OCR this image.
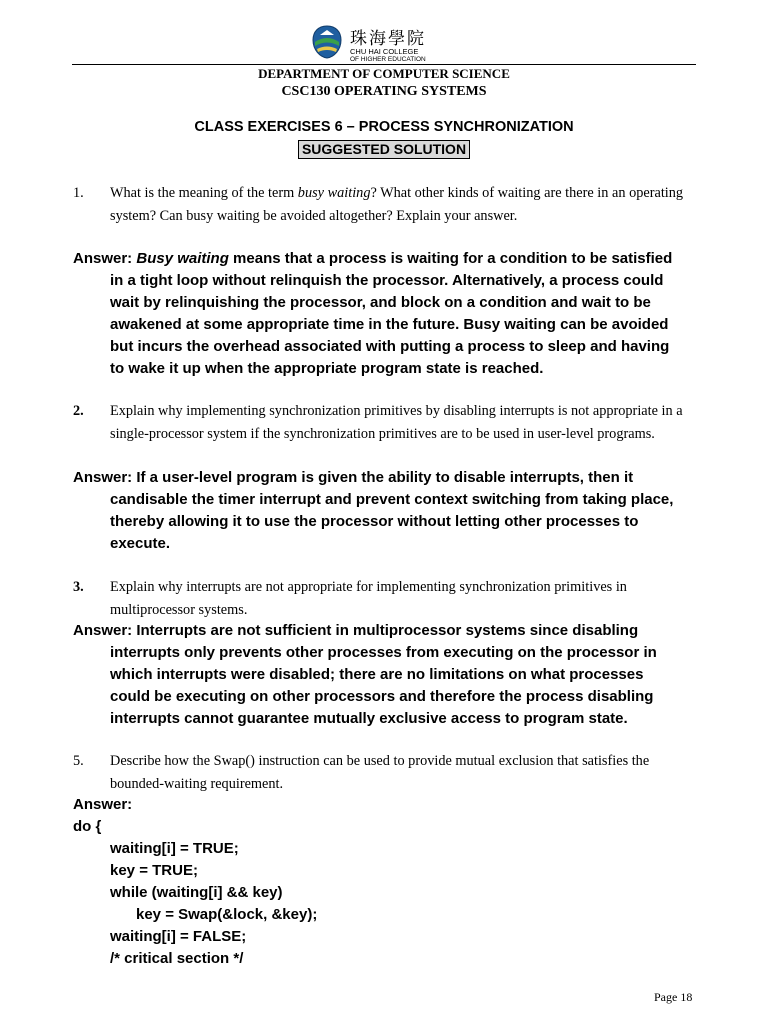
珠海學院
CHU HAI COLLEGE
OF HIGHER EDUCATION
DEPARTMENT OF COMPUTER SCIENCE
CSC130 OPERATING SYSTEMS
CLASS EXERCISES 6 – PROCESS SYNCHRONIZATION
SUGGESTED SOLUTION
1. What is the meaning of the term busy waiting? What other kinds of waiting are there in an operating system? Can busy waiting be avoided altogether? Explain your answer.
Answer: Busy waiting means that a process is waiting for a condition to be satisfied
in a tight loop without relinquish the processor. Alternatively, a process could
wait by relinquishing the processor, and block on a condition and wait to be
awakened at some appropriate time in the future. Busy waiting can be avoided
but incurs the overhead associated with putting a process to sleep and having
to wake it up when the appropriate program state is reached.
2. Explain why implementing synchronization primitives by disabling interrupts is not appropriate in a single-processor system if the synchronization primitives are to be used in user-level programs.
Answer: If a user-level program is given the ability to disable interrupts, then it
candisable the timer interrupt and prevent context switching from taking place,
thereby allowing it to use the processor without letting other processes to
execute.
3. Explain why interrupts are not appropriate for implementing synchronization primitives in multiprocessor systems.
Answer: Interrupts are not sufficient in multiprocessor systems since disabling
interrupts only prevents other processes from executing on the processor in
which interrupts were disabled; there are no limitations on what processes
could be executing on other processors and therefore the process disabling
interrupts cannot guarantee mutually exclusive access to program state.
5. Describe how the Swap() instruction can be used to provide mutual exclusion that satisfies the bounded-waiting requirement.
Answer:
do {
waiting[i] = TRUE;
key = TRUE;
while (waiting[i] && key)
key = Swap(&lock, &key);
waiting[i] = FALSE;
/* critical section */
Page 18
